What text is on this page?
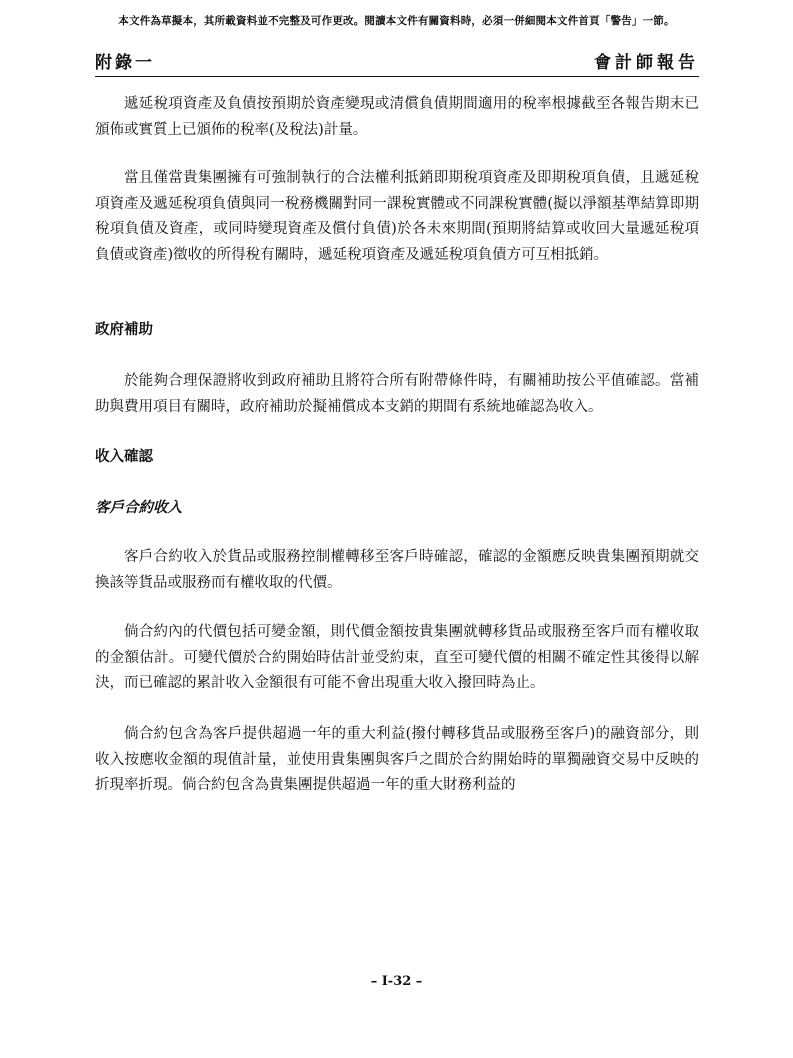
本文件為草擬本，其所載資料並不完整及可作更改。閱讀本文件有關資料時，必須一併細閱本文件首頁「警告」一節。
附錄一	會計師報告

遞延稅項資產及負債按預期於資產變現或清償負債期間適用的稅率根據截至各報告期末已頒佈或實質上已頒佈的稅率(及稅法)計量。

當且僅當貴集團擁有可強制執行的合法權利抵銷即期稅項資產及即期稅項負債，且遞延稅項資產及遞延稅項負債與同一稅務機關對同一課稅實體或不同課稅實體(擬以淨額基準結算即期稅項負債及資產，或同時變現資產及償付負債)於各未來期間(預期將結算或收回大量遞延稅項負債或資產)徵收的所得稅有關時，遞延稅項資產及遞延稅項負債方可互相抵銷。

政府補助

於能夠合理保證將收到政府補助且將符合所有附帶條件時，有關補助按公平值確認。當補助與費用項目有關時，政府補助於擬補償成本支銷的期間有系統地確認為收入。

收入確認

客戶合約收入

客戶合約收入於貨品或服務控制權轉移至客戶時確認，確認的金額應反映貴集團預期就交換該等貨品或服務而有權收取的代價。

倘合約內的代價包括可變金額，則代價金額按貴集團就轉移貨品或服務至客戶而有權收取的金額估計。可變代價於合約開始時估計並受約束，直至可變代價的相關不確定性其後得以解決，而已確認的累計收入金額很有可能不會出現重大收入撥回時為止。

倘合約包含為客戶提供超過一年的重大利益(撥付轉移貨品或服務至客戶)的融資部分，則收入按應收金額的現值計量，並使用貴集團與客戶之間於合約開始時的單獨融資交易中反映的折現率折現。倘合約包含為貴集團提供超過一年的重大財務利益的

– I-32 –
